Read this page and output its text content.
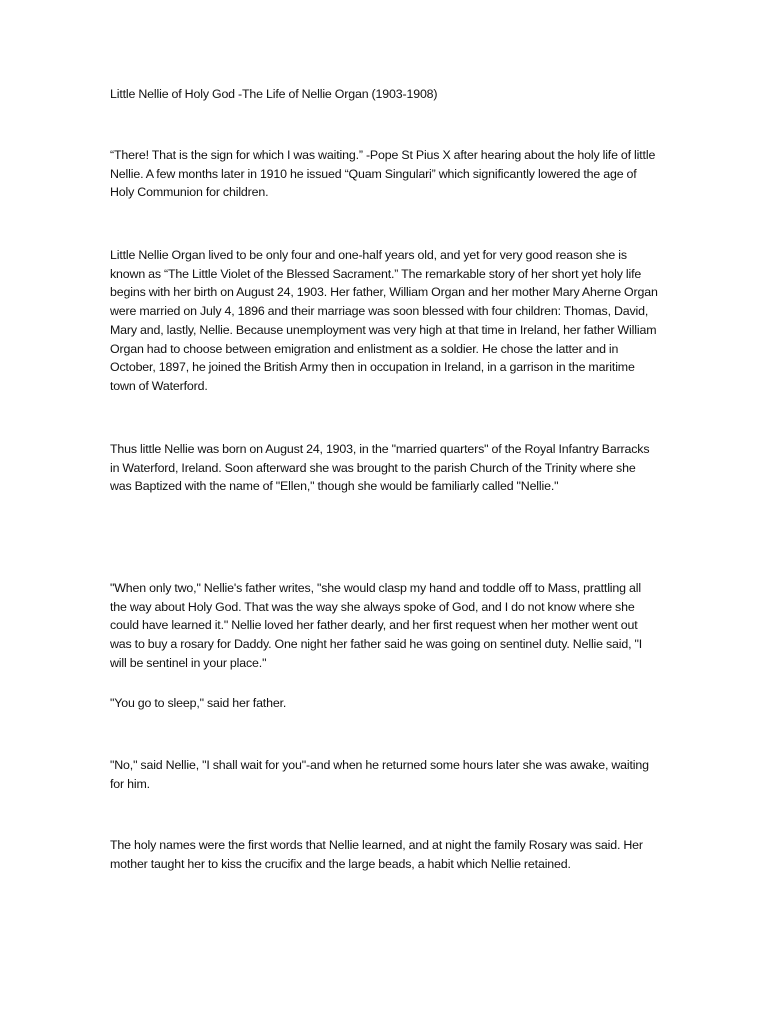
Little Nellie of Holy God -The Life of Nellie Organ (1903-1908)

“There! That is the sign for which I was waiting.” -Pope St Pius X after hearing about the holy life of little Nellie. A few months later in 1910 he issued “Quam Singulari” which significantly lowered the age of Holy Communion for children.

Little Nellie Organ lived to be only four and one-half years old, and yet for very good reason she is known as “The Little Violet of the Blessed Sacrament.” The remarkable story of her short yet holy life begins with her birth on August 24, 1903. Her father, William Organ and her mother Mary Aherne Organ were married on July 4, 1896 and their marriage was soon blessed with four children: Thomas, David, Mary and, lastly, Nellie. Because unemployment was very high at that time in Ireland, her father William Organ had to choose between emigration and enlistment as a soldier. He chose the latter and in October, 1897, he joined the British Army then in occupation in Ireland, in a garrison in the maritime town of Waterford.

Thus little Nellie was born on August 24, 1903, in the "married quarters" of the Royal Infantry Barracks in Waterford, Ireland. Soon afterward she was brought to the parish Church of the Trinity where she was Baptized with the name of "Ellen," though she would be familiarly called "Nellie."

"When only two," Nellie's father writes, "she would clasp my hand and toddle off to Mass, prattling all the way about Holy God. That was the way she always spoke of God, and I do not know where she could have learned it." Nellie loved her father dearly, and her first request when her mother went out was to buy a rosary for Daddy. One night her father said he was going on sentinel duty. Nellie said, "I will be sentinel in your place."

"You go to sleep," said her father.

"No," said Nellie, "I shall wait for you"-and when he returned some hours later she was awake, waiting for him.

The holy names were the first words that Nellie learned, and at night the family Rosary was said. Her mother taught her to kiss the crucifix and the large beads, a habit which Nellie retained.
